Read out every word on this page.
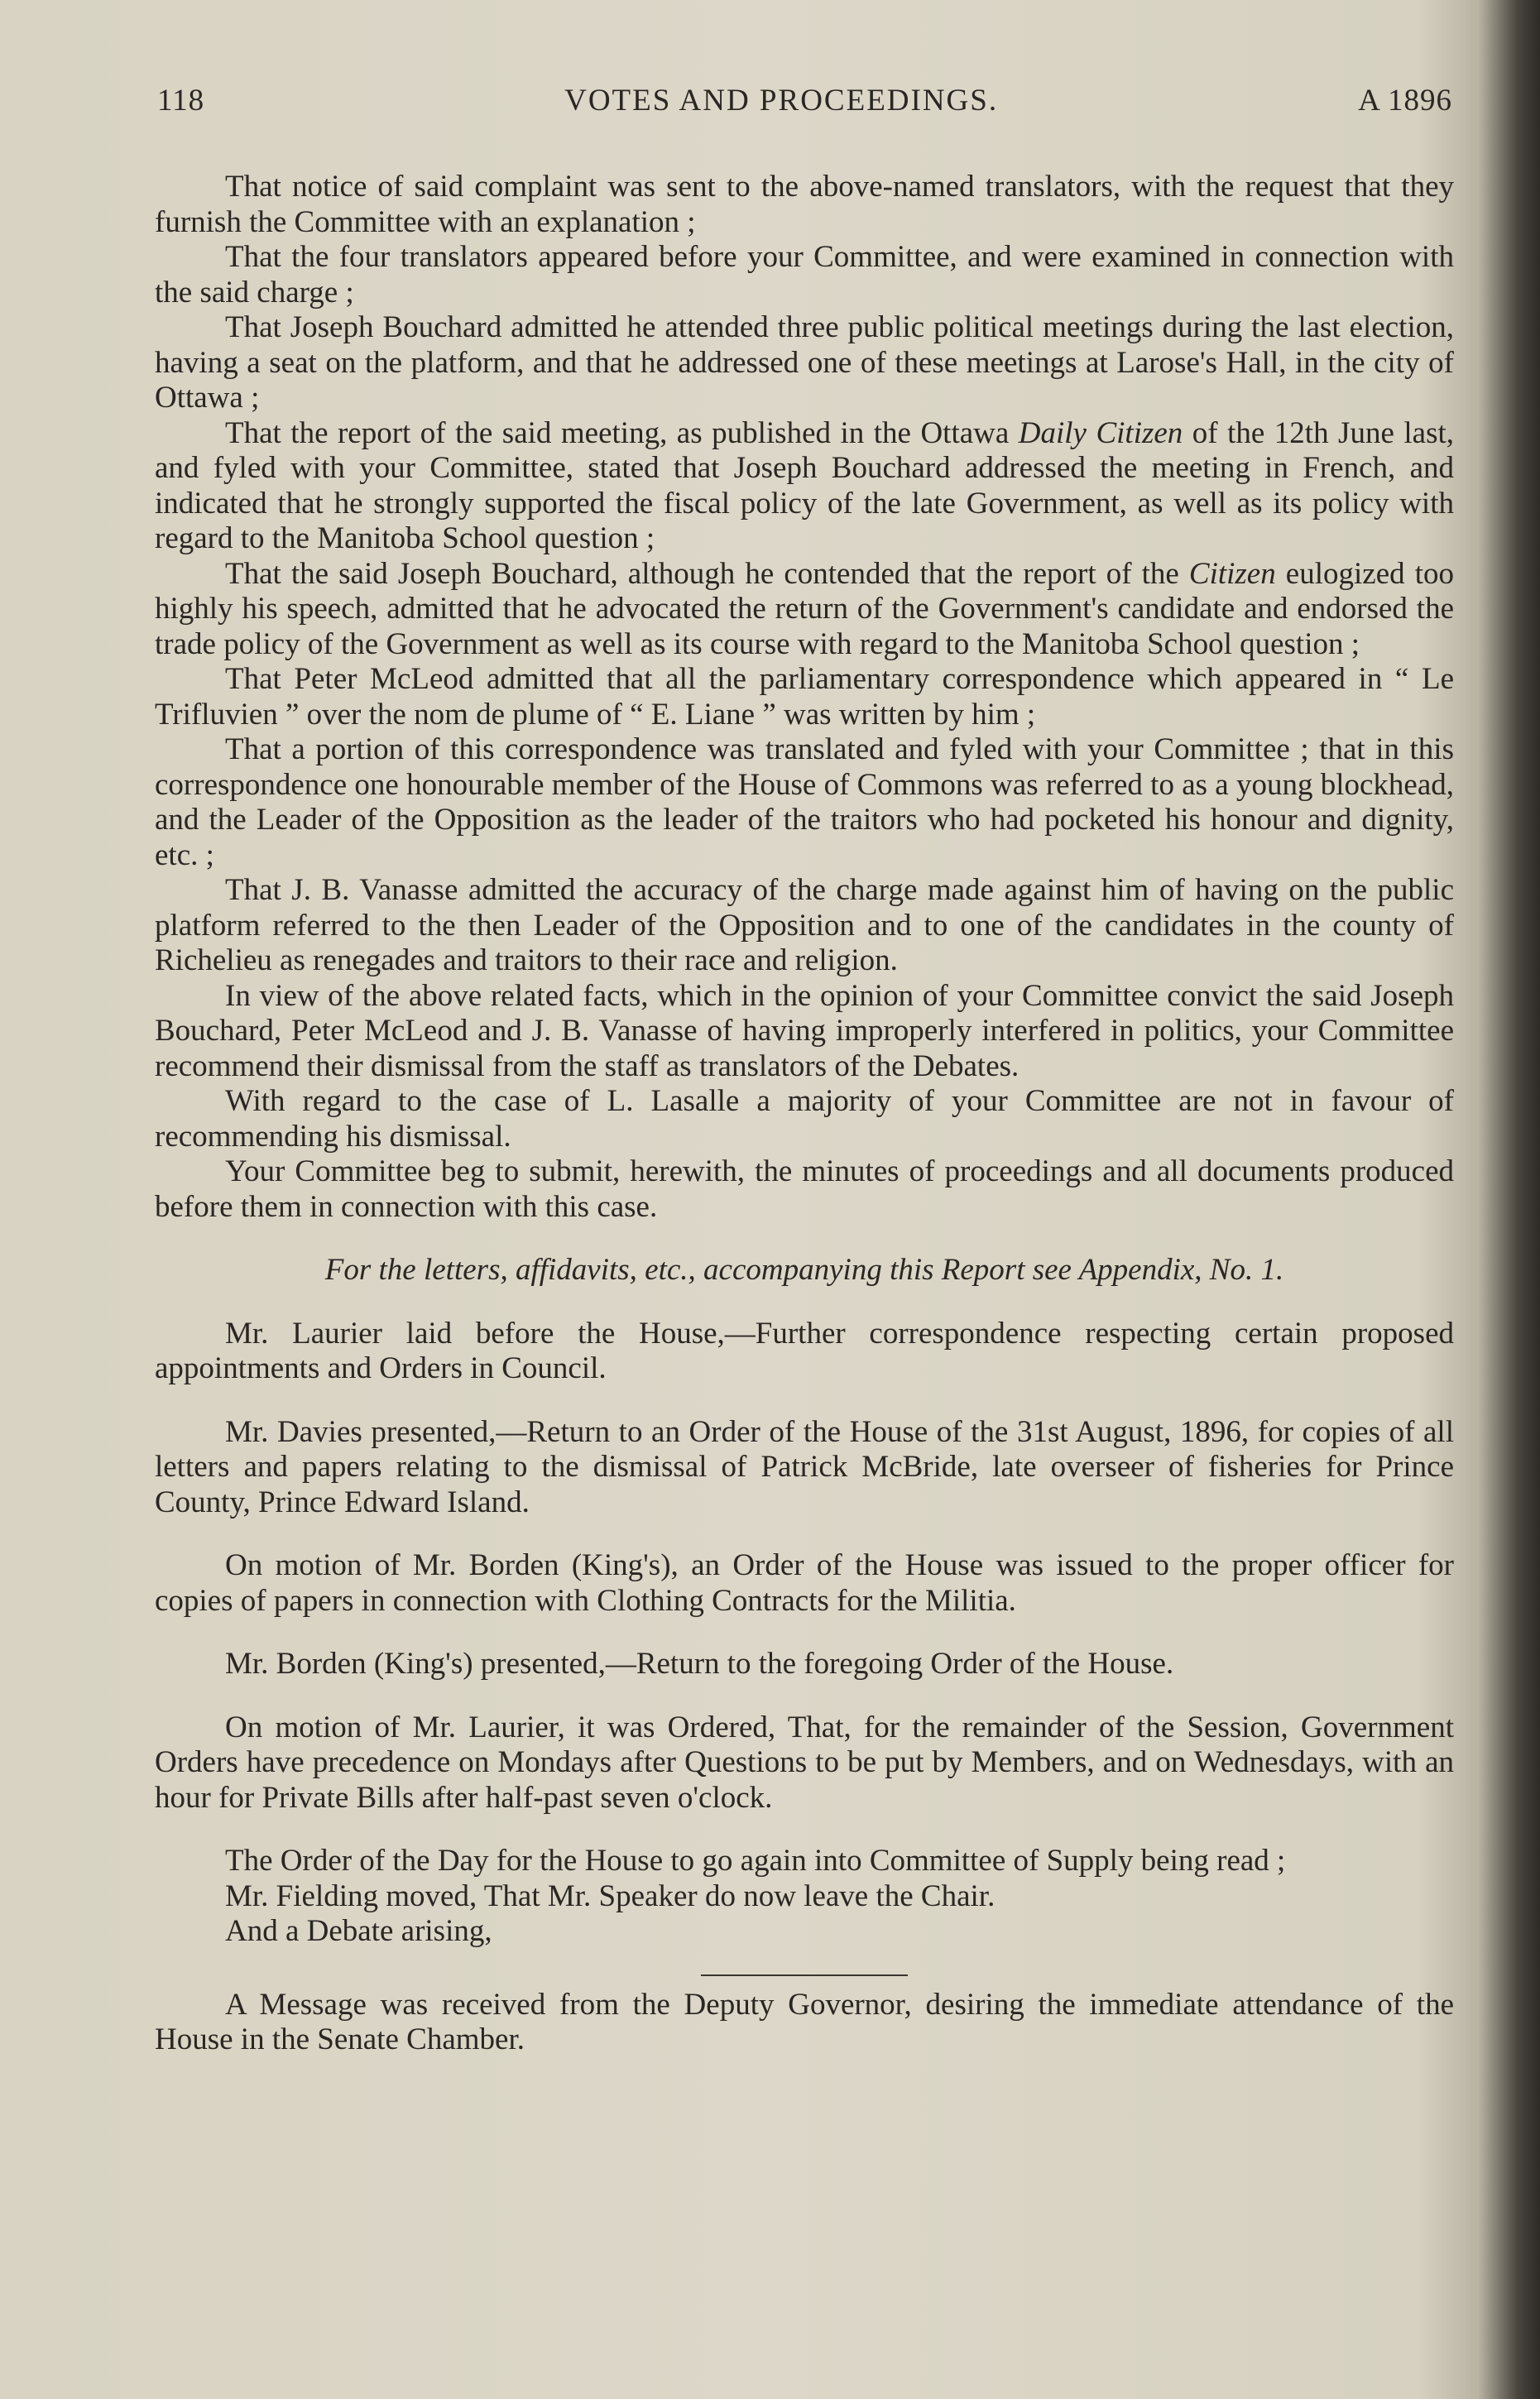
118	VOTES AND PROCEEDINGS.	A 1896

That notice of said complaint was sent to the above-named translators, with the request that they furnish the Committee with an explanation ;

That the four translators appeared before your Committee, and were examined in connection with the said charge ;

That Joseph Bouchard admitted he attended three public political meetings during the last election, having a seat on the platform, and that he addressed one of these meetings at Larose's Hall, in the city of Ottawa ;

That the report of the said meeting, as published in the Ottawa Daily Citizen of the 12th June last, and fyled with your Committee, stated that Joseph Bouchard addressed the meeting in French, and indicated that he strongly supported the fiscal policy of the late Government, as well as its policy with regard to the Manitoba School question ;

That the said Joseph Bouchard, although he contended that the report of the Citizen eulogized too highly his speech, admitted that he advocated the return of the Government's candidate and endorsed the trade policy of the Government as well as its course with regard to the Manitoba School question ;

That Peter McLeod admitted that all the parliamentary correspondence which appeared in “ Le Trifluvien ” over the nom de plume of “ E. Liane ” was written by him ;

That a portion of this correspondence was translated and fyled with your Committee ; that in this correspondence one honourable member of the House of Commons was referred to as a young blockhead, and the Leader of the Opposition as the leader of the traitors who had pocketed his honour and dignity, etc. ;

That J. B. Vanasse admitted the accuracy of the charge made against him of having on the public platform referred to the then Leader of the Opposition and to one of the candidates in the county of Richelieu as renegades and traitors to their race and religion.

In view of the above related facts, which in the opinion of your Committee convict the said Joseph Bouchard, Peter McLeod and J. B. Vanasse of having improperly interfered in politics, your Committee recommend their dismissal from the staff as translators of the Debates.

With regard to the case of L. Lasalle a majority of your Committee are not in favour of recommending his dismissal.

Your Committee beg to submit, herewith, the minutes of proceedings and all documents produced before them in connection with this case.

For the letters, affidavits, etc., accompanying this Report see Appendix, No. 1.

Mr. Laurier laid before the House,—Further correspondence respecting certain proposed appointments and Orders in Council.

Mr. Davies presented,—Return to an Order of the House of the 31st August, 1896, for copies of all letters and papers relating to the dismissal of Patrick McBride, late overseer of fisheries for Prince County, Prince Edward Island.

On motion of Mr. Borden (King's), an Order of the House was issued to the proper officer for copies of papers in connection with Clothing Contracts for the Militia.

Mr. Borden (King's) presented,—Return to the foregoing Order of the House.

On motion of Mr. Laurier, it was Ordered, That, for the remainder of the Session, Government Orders have precedence on Mondays after Questions to be put by Members, and on Wednesdays, with an hour for Private Bills after half-past seven o'clock.

The Order of the Day for the House to go again into Committee of Supply being read ;

Mr. Fielding moved, That Mr. Speaker do now leave the Chair.

And a Debate arising,

A Message was received from the Deputy Governor, desiring the immediate attendance of the House in the Senate Chamber.
